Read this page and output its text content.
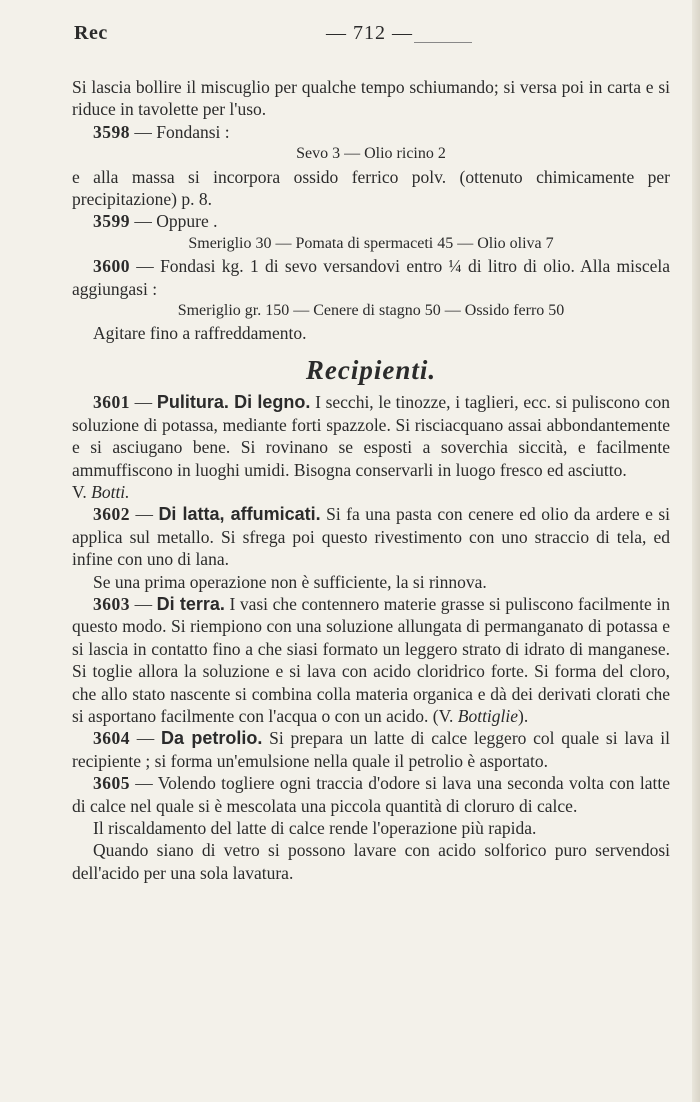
Rec	— 712 —

Si lascia bollire il miscuglio per qualche tempo schiumando; si versa poi in carta e si riduce in tavolette per l'uso.

3598 — Fondansi :

Sevo 3 — Olio ricino 2

e alla massa si incorpora ossido ferrico polv. (ottenuto chimicamente per precipitazione) p. 8.

3599 — Oppure .

Smeriglio 30 — Pomata di spermaceti 45 — Olio oliva 7

3600 — Fondasi kg. 1 di sevo versandovi entro ¼ di litro di olio. Alla miscela aggiungasi :

Smeriglio gr. 150 — Cenere di stagno 50 — Ossido ferro 50

Agitare fino a raffreddamento.

Recipienti.

3601 — Pulitura. Di legno. I secchi, le tinozze, i taglieri, ecc. si puliscono con soluzione di potassa, mediante forti spazzole. Si risciacquano assai abbondantemente e si asciugano bene. Si rovinano se esposti a soverchia siccità, e facilmente ammuffiscono in luoghi umidi. Bisogna conservarli in luogo fresco ed asciutto.

V. Botti.

3602 — Di latta, affumicati. Si fa una pasta con cenere ed olio da ardere e si applica sul metallo. Si sfrega poi questo rivestimento con uno straccio di tela, ed infine con uno di lana.

Se una prima operazione non è sufficiente, la si rinnova.

3603 — Di terra. I vasi che contennero materie grasse si puliscono facilmente in questo modo. Si riempiono con una soluzione allungata di permanganato di potassa e si lascia in contatto fino a che siasi formato un leggero strato di idrato di manganese. Si toglie allora la soluzione e si lava con acido cloridrico forte. Si forma del cloro, che allo stato nascente si combina colla materia organica e dà dei derivati clorati che si asportano facilmente con l'acqua o con un acido. (V. Bottiglie).

3604 — Da petrolio. Si prepara un latte di calce leggero col quale si lava il recipiente ; si forma un'emulsione nella quale il petrolio è asportato.

3605 — Volendo togliere ogni traccia d'odore si lava una seconda volta con latte di calce nel quale si è mescolata una piccola quantità di cloruro di calce.

Il riscaldamento del latte di calce rende l'operazione più rapida.

Quando siano di vetro si possono lavare con acido solforico puro servendosi dell'acido per una sola lavatura.
